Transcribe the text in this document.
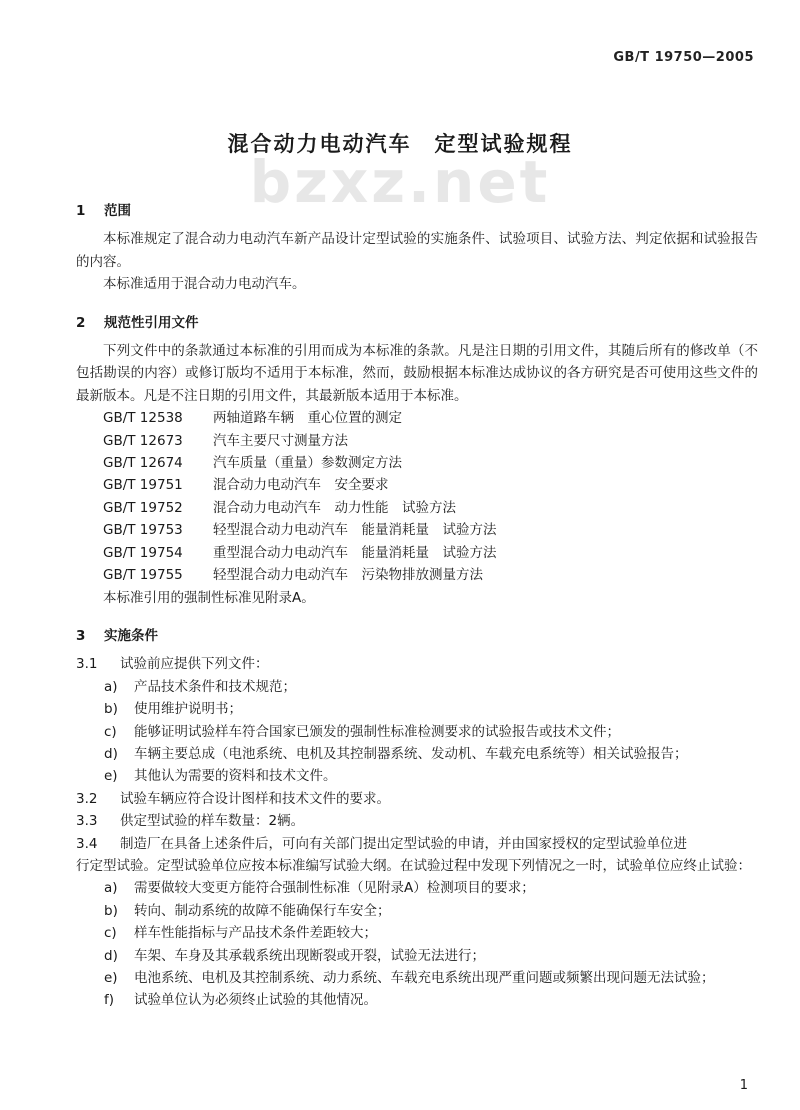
GB/T 19750—2005
bzxz.net
混合动力电动汽车　定型试验规程
1 范围
本标准规定了混合动力电动汽车新产品设计定型试验的实施条件、试验项目、试验方法、判定依据和试验报告的内容。
本标准适用于混合动力电动汽车。
2 规范性引用文件
下列文件中的条款通过本标准的引用而成为本标准的条款。凡是注日期的引用文件，其随后所有的修改单（不包括勘误的内容）或修订版均不适用于本标准，然而，鼓励根据本标准达成协议的各方研究是否可使用这些文件的最新版本。凡是不注日期的引用文件，其最新版本适用于本标准。
GB/T 12538	两轴道路车辆　重心位置的测定
GB/T 12673	汽车主要尺寸测量方法
GB/T 12674	汽车质量（重量）参数测定方法
GB/T 19751	混合动力电动汽车　安全要求
GB/T 19752	混合动力电动汽车　动力性能　试验方法
GB/T 19753	轻型混合动力电动汽车　能量消耗量　试验方法
GB/T 19754	重型混合动力电动汽车　能量消耗量　试验方法
GB/T 19755	轻型混合动力电动汽车　污染物排放测量方法
本标准引用的强制性标准见附录A。
3 实施条件
3.1	试验前应提供下列文件：
a)	产品技术条件和技术规范；
b)	使用维护说明书；
c)	能够证明试验样车符合国家已颁发的强制性标准检测要求的试验报告或技术文件；
d)	车辆主要总成（电池系统、电机及其控制器系统、发动机、车载充电系统等）相关试验报告；
e)	其他认为需要的资料和技术文件。
3.2	试验车辆应符合设计图样和技术文件的要求。
3.3	供定型试验的样车数量：2辆。
3.4	制造厂在具备上述条件后，可向有关部门提出定型试验的申请，并由国家授权的定型试验单位进
行定型试验。定型试验单位应按本标准编写试验大纲。在试验过程中发现下列情况之一时，试验单位应终止试验：
a)	需要做较大变更方能符合强制性标准（见附录A）检测项目的要求；
b)	转向、制动系统的故障不能确保行车安全；
c)	样车性能指标与产品技术条件差距较大；
d)	车架、车身及其承载系统出现断裂或开裂，试验无法进行；
e)	电池系统、电机及其控制系统、动力系统、车载充电系统出现严重问题或频繁出现问题无法试验；
f)	试验单位认为必须终止试验的其他情况。
1
